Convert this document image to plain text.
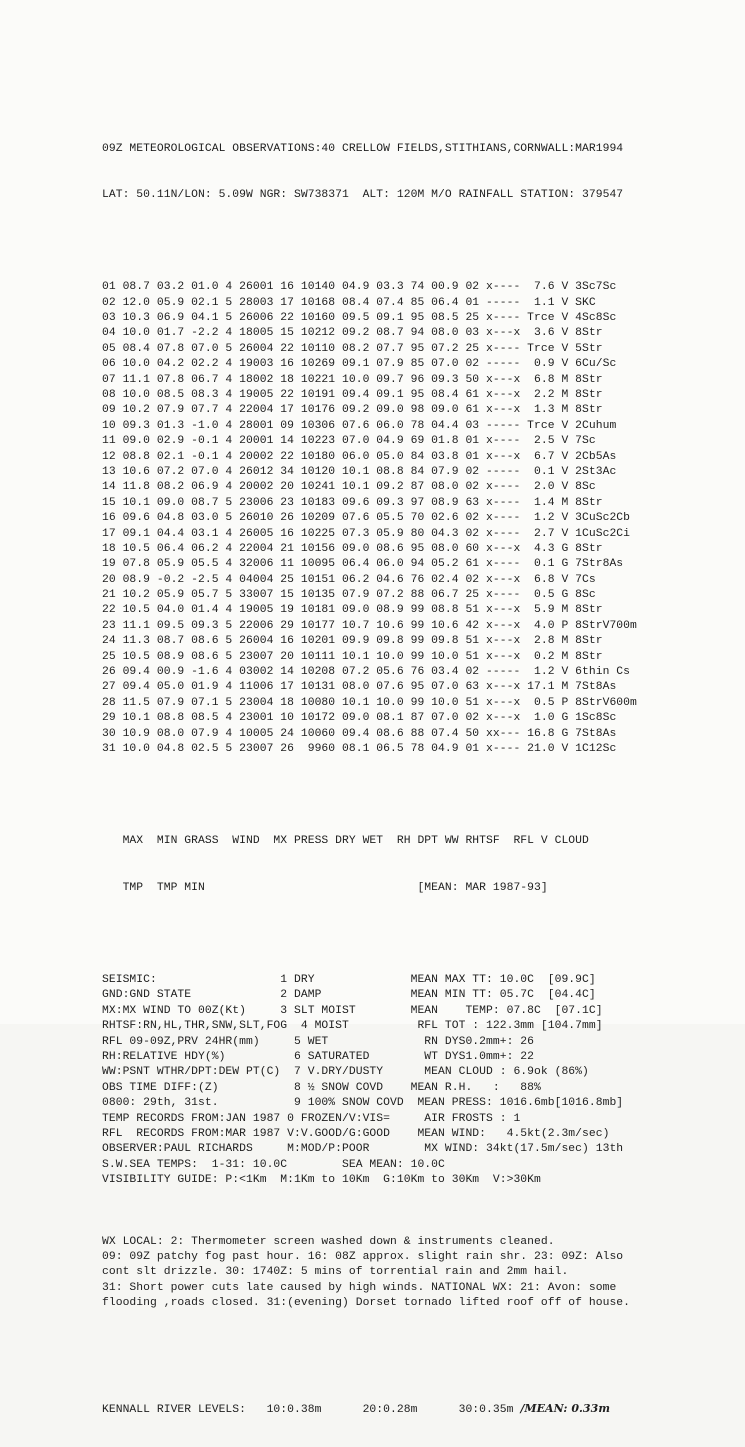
09Z METEOROLOGICAL OBSERVATIONS:40 CRELLOW FIELDS,STITHIANS,CORNWALL:MAR1994

LAT: 50.11N/LON: 5.09W NGR: SW738371  ALT: 120M M/O RAINFALL STATION: 379547

01 08.7 03.2 01.0 4 26001 16 10140 04.9 03.3 74 00.9 02 x----  7.6 V 3Sc7Sc
02 12.0 05.9 02.1 5 28003 17 10168 08.4 07.4 85 06.4 01 -----  1.1 V SKC
03 10.3 06.9 04.1 5 26006 22 10160 09.5 09.1 95 08.5 25 x---- Trce V 4Sc8Sc
04 10.0 01.7 -2.2 4 18005 15 10212 09.2 08.7 94 08.0 03 x---x  3.6 V 8Str
05 08.4 07.8 07.0 5 26004 22 10110 08.2 07.7 95 07.2 25 x---- Trce V 5Str
06 10.0 04.2 02.2 4 19003 16 10269 09.1 07.9 85 07.0 02 -----  0.9 V 6Cu/Sc
07 11.1 07.8 06.7 4 18002 18 10221 10.0 09.7 96 09.3 50 x---x  6.8 M 8Str
08 10.0 08.5 08.3 4 19005 22 10191 09.4 09.1 95 08.4 61 x---x  2.2 M 8Str
09 10.2 07.9 07.7 4 22004 17 10176 09.2 09.0 98 09.0 61 x---x  1.3 M 8Str
10 09.3 01.3 -1.0 4 28001 09 10306 07.6 06.0 78 04.4 03 ----- Trce V 2Cuhum
11 09.0 02.9 -0.1 4 20001 14 10223 07.0 04.9 69 01.8 01 x----  2.5 V 7Sc
12 08.8 02.1 -0.1 4 20002 22 10180 06.0 05.0 84 03.8 01 x---x  6.7 V 2Cb5As
13 10.6 07.2 07.0 4 26012 34 10120 10.1 08.8 84 07.9 02 -----  0.1 V 2St3Ac
14 11.8 08.2 06.9 4 20002 20 10241 10.1 09.2 87 08.0 02 x----  2.0 V 8Sc
15 10.1 09.0 08.7 5 23006 23 10183 09.6 09.3 97 08.9 63 x----  1.4 M 8Str
16 09.6 04.8 03.0 5 26010 26 10209 07.6 05.5 70 02.6 02 x----  1.2 V 3CuSc2Cb
17 09.1 04.4 03.1 4 26005 16 10225 07.3 05.9 80 04.3 02 x----  2.7 V 1CuSc2Ci
18 10.5 06.4 06.2 4 22004 21 10156 09.0 08.6 95 08.0 60 x---x  4.3 G 8Str
19 07.8 05.9 05.5 4 32006 11 10095 06.4 06.0 94 05.2 61 x----  0.1 G 7Str8As
20 08.9 -0.2 -2.5 4 04004 25 10151 06.2 04.6 76 02.4 02 x---x  6.8 V 7Cs
21 10.2 05.9 05.7 5 33007 15 10135 07.9 07.2 88 06.7 25 x----  0.5 G 8Sc
22 10.5 04.0 01.4 4 19005 19 10181 09.0 08.9 99 08.8 51 x---x  5.9 M 8Str
23 11.1 09.5 09.3 5 22006 29 10177 10.7 10.6 99 10.6 42 x---x  4.0 P 8StrV700m
24 11.3 08.7 08.6 5 26004 16 10201 09.9 09.8 99 09.8 51 x---x  2.8 M 8Str
25 10.5 08.9 08.6 5 23007 20 10111 10.1 10.0 99 10.0 51 x---x  0.2 M 8Str
26 09.4 00.9 -1.6 4 03002 14 10208 07.2 05.6 76 03.4 02 -----  1.2 V 6thin Cs
27 09.4 05.0 01.9 4 11006 17 10131 08.0 07.6 95 07.0 63 x---x 17.1 M 7St8As
28 11.5 07.9 07.1 5 23004 18 10080 10.1 10.0 99 10.0 51 x---x  0.5 P 8StrV600m
29 10.1 08.8 08.5 4 23001 10 10172 09.0 08.1 87 07.0 02 x---x  1.0 G 1Sc8Sc
30 10.9 08.0 07.9 4 10005 24 10060 09.4 08.6 88 07.4 50 xx--- 16.8 G 7St8As
31 10.0 04.8 02.5 5 23007 26  9960 08.1 06.5 78 04.9 01 x---- 21.0 V 1C12Sc

MAX  MIN GRASS  WIND  MX PRESS DRY WET  RH DPT WW RHTSF  RFL V CLOUD

TMP  TMP MIN                               [MEAN: MAR 1987-93]

SEISMIC:                  1 DRY              MEAN MAX TT: 10.0C  [09.9C]
GND:GND STATE             2 DAMP             MEAN MIN TT: 05.7C  [04.4C]
MX:MX WIND TO 00Z(Kt)     3 SLT MOIST        MEAN    TEMP: 07.8C  [07.1C]
RHTSF:RN,HL,THR,SNW,SLT,FOG  4 MOIST          RFL TOT : 122.3mm [104.7mm]
RFL 09-09Z,PRV 24HR(mm)     5 WET              RN DYS0.2mm+: 26
RH:RELATIVE HDY(%)          6 SATURATED        WT DYS1.0mm+: 22
WW:PSNT WTHR/DPT:DEW PT(C)  7 V.DRY/DUSTY      MEAN CLOUD : 6.9ok (86%)
OBS TIME DIFF:(Z)           8 ½ SNOW COVD    MEAN R.H.   :   88%
0800: 29th, 31st.           9 100% SNOW COVD  MEAN PRESS: 1016.6mb[1016.8mb]
TEMP RECORDS FROM:JAN 1987 0 FROZEN/V:VIS=     AIR FROSTS : 1
RFL  RECORDS FROM:MAR 1987 V:V.GOOD/G:GOOD    MEAN WIND:   4.5kt(2.3m/sec)
OBSERVER:PAUL RICHARDS     M:MOD/P:POOR        MX WIND: 34kt(17.5m/sec) 13th
S.W.SEA TEMPS:  1-31: 10.0C        SEA MEAN: 10.0C
VISIBILITY GUIDE: P:<1Km  M:1Km to 10Km  G:10Km to 30Km  V:>30Km

WX LOCAL: 2: Thermometer screen washed down & instruments cleaned.
09: 09Z patchy fog past hour. 16: 08Z approx. slight rain shr. 23: 09Z: Also
cont slt drizzle. 30: 1740Z: 5 mins of torrential rain and 2mm hail.
31: Short power cuts late caused by high winds. NATIONAL WX: 21: Avon: some
flooding ,roads closed. 31:(evening) Dorset tornado lifted roof off of house.

KENNALL RIVER LEVELS:   10:0.38m      20:0.28m      30:0.35m /MEAN: 0.33m
